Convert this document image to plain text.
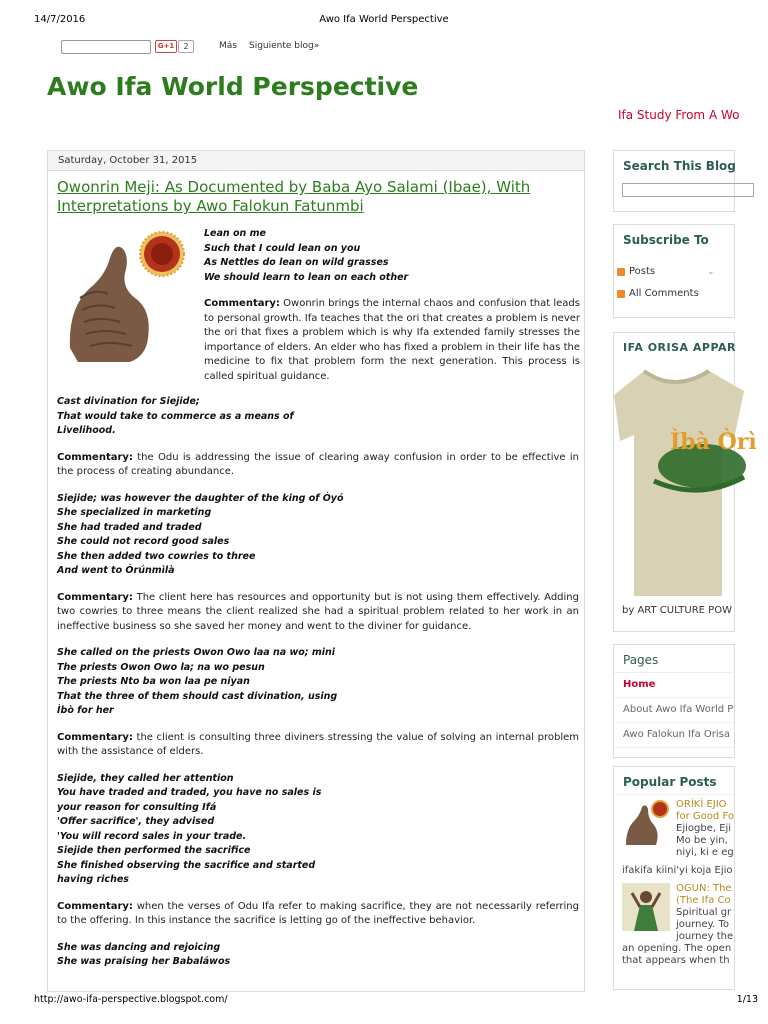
14/7/2016	Awo Ifa World Perspective
G+1	2	Más Siguiente blog»
Awo Ifa World Perspective
Ifa Study From A Wo
Saturday, October 31, 2015
Owonrin Meji: As Documented by Baba Ayo Salami (Ibae), With Interpretations by Awo Falokun Fatunmbi
Lean on me
Such that I could lean on you
As Nettles do lean on wild grasses
We should learn to lean on each other
Commentary: Owonrin brings the internal chaos and confusion that leads to personal growth. Ifa teaches that the ori that creates a problem is never the ori that fixes a problem which is why Ifa extended family stresses the importance of elders. An elder who has fixed a problem in their life has the medicine to fix that problem form the next generation. This process is called spiritual guidance.
Cast divination for Siejide;
That would take to commerce as a means of
Livelihood.
Commentary: the Odu is addressing the issue of clearing away confusion in order to be effective in the process of creating abundance.
Siejide; was however the daughter of the king of Òyó
She specialized in marketing
She had traded and traded
She could not record good sales
She then added two cowries to three
And went to Òrúnmìlà
Commentary: The client here has resources and opportunity but is not using them effectively. Adding two cowries to three means the client realized she had a spiritual problem related to her work in an ineffective business so she saved her money and went to the diviner for guidance.
She called on the priests Owon Owo laa na wo; mini
The priests Owon Owo la; na wo pesun
The priests Nto ba won laa pe niyan
That the three of them should cast divination, using
Ìbò for her
Commentary: the client is consulting three diviners stressing the value of solving an internal problem with the assistance of elders.
Siejide, they called her attention
You have traded and traded, you have no sales is
your reason for consulting Ifá
'Offer sacrifice', they advised
'You will record sales in your trade.
Siejide then performed the sacrifice
She finished observing the sacrifice and started
having riches
Commentary: when the verses of Odu Ifa refer to making sacrifice, they are not necessarily referring to the offering. In this instance the sacrifice is letting go of the ineffective behavior.
She was dancing and rejoicing
She was praising her Babaláwos
Search This Blog
Subscribe To
Posts	⌄
All Comments
IFA ORISA APPAR
Ìbà Òrì
by ART CULTURE POW
Pages
Home
About Awo Ifa World P
Awo Falokun Ifa Orisa
Popular Posts
ORÍKÌ EJIO
for Good Fo
Ejiogbe, Eji
Mo be yin,
niyi, ki e eg
ifakifa kiini'yi koja Ejio
OGUN: The
(The Ifa Co
Spiritual gr
journey. To
journey the
an opening. The open
that appears when th
http://awo-ifa-perspective.blogspot.com/	1/13
